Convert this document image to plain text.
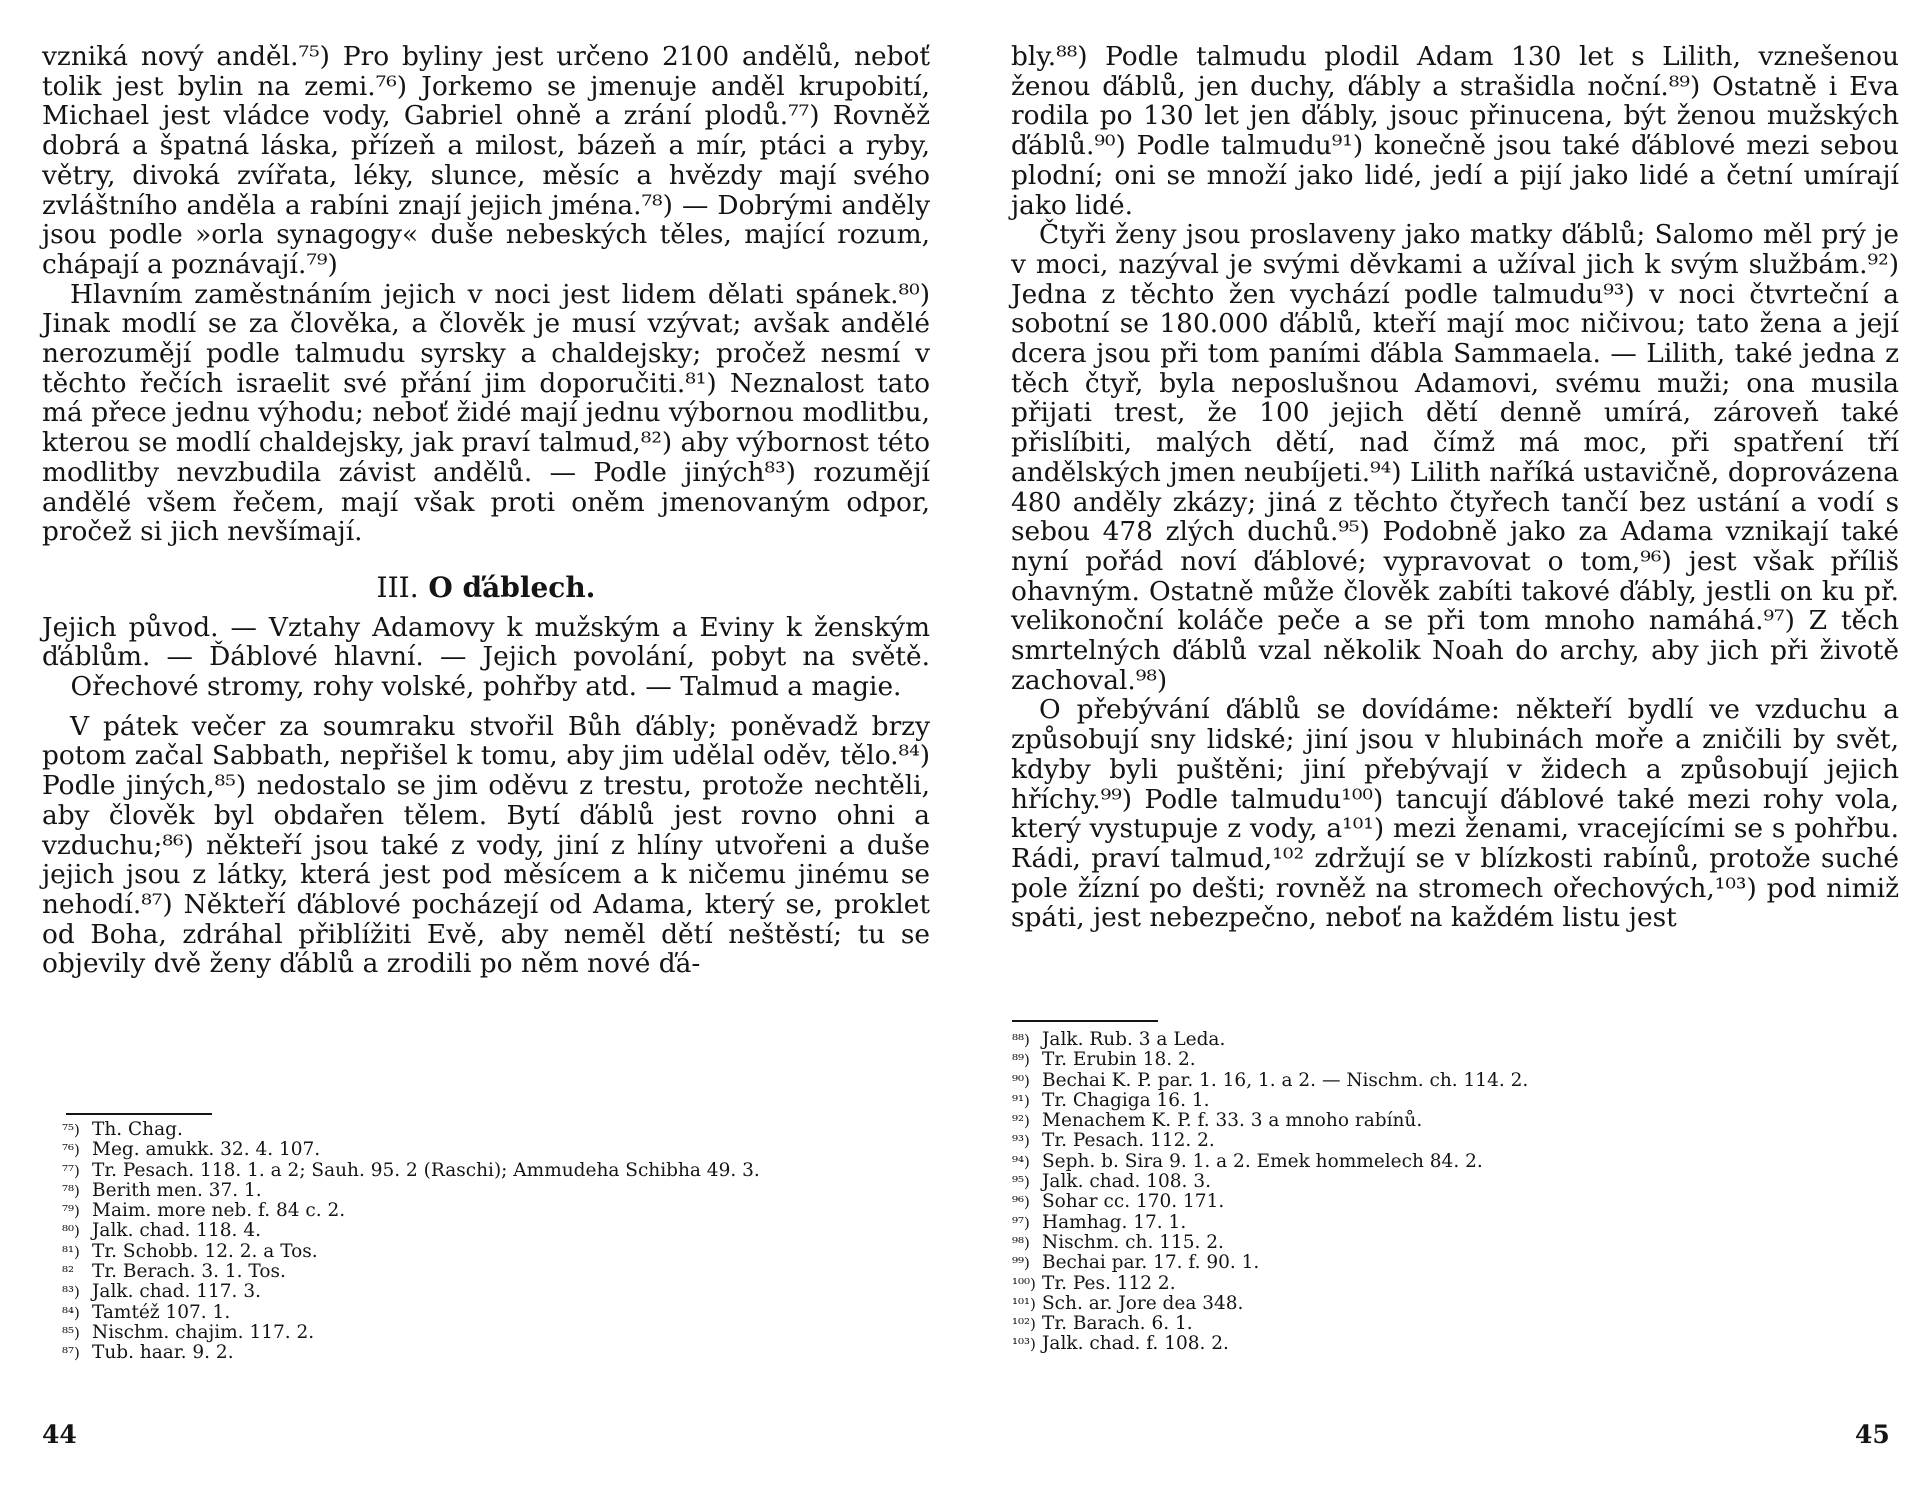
vzniká nový anděl.⁷⁵) Pro byliny jest určeno 2100 andělů, neboť tolik jest bylin na zemi.⁷⁶) Jorkemo se jmenuje anděl krupobití, Michael jest vládce vody, Gabriel ohně a zrání plodů.⁷⁷) Rovněž dobrá a špatná láska, přízeň a milost, bázeň a mír, ptáci a ryby, větry, divoká zvířata, léky, slunce, měsíc a hvězdy mají svého zvláštního anděla a rabíni znají jejich jména.⁷⁸) — Dobrými anděly jsou podle »orla synagogy« duše nebeských těles, mající rozum, chápají a poznávají.⁷⁹)

Hlavním zaměstnáním jejich v noci jest lidem dělati spánek.⁸⁰) Jinak modlí se za člověka, a člověk je musí vzývat; avšak andělé nerozumějí podle talmudu syrsky a chaldejsky; pročež nesmí v těchto řečích israelit své přání jim doporučiti.⁸¹) Neznalost tato má přece jednu výhodu; neboť židé mají jednu výbornou modlitbu, kterou se modlí chaldejsky, jak praví talmud,⁸²) aby výbornost této modlitby nevzbudila závist andělů. — Podle jiných⁸³) rozumějí andělé všem řečem, mají však proti oněm jmenovaným odpor, pročež si jich nevšímají.

III. O ďáblech.
Jejich původ. — Vztahy Adamovy k mužským a Eviny k ženským ďáblům. — Ďáblové hlavní. — Jejich povolání, pobyt na světě. Ořechové stromy, rohy volské, pohřby atd. — Talmud a magie.

V pátek večer za soumraku stvořil Bůh ďábly; poněvadž brzy potom začal Sabbath, nepřišel k tomu, aby jim udělal oděv, tělo.⁸⁴) Podle jiných,⁸⁵) nedostalo se jim oděvu z trestu, protože nechtěli, aby člověk byl obdařen tělem. Bytí ďáblů jest rovno ohni a vzduchu;⁸⁶) někteří jsou také z vody, jiní z hlíny utvořeni a duše jejich jsou z látky, která jest pod měsícem a k ničemu jinému se nehodí.⁸⁷) Někteří ďáblové pocházejí od Adama, který se, proklet od Boha, zdráhal přiblížiti Evě, aby neměl dětí neštěstí; tu se objevily dvě ženy ďáblů a zrodili po něm nové ďá-

⁷⁵) Th. Chag.
⁷⁶) Meg. amukk. 32. 4. 107.
⁷⁷) Tr. Pesach. 118. 1. a 2; Sauh. 95. 2 (Raschi); Ammudeha Schibha 49. 3.
⁷⁸) Berith men. 37. 1.
⁷⁹) Maim. more neb. f. 84 c. 2.
⁸⁰) Jalk. chad. 118. 4.
⁸¹) Tr. Schobb. 12. 2. a Tos.
⁸² Tr. Berach. 3. 1. Tos.
⁸³) Jalk. chad. 117. 3.
⁸⁴) Tamtéž 107. 1.
⁸⁵) Nischm. chajim. 117. 2.
⁸⁷) Tub. haar. 9. 2.
44

bly.⁸⁸) Podle talmudu plodil Adam 130 let s Lilith, vznešenou ženou ďáblů, jen duchy, ďábly a strašidla noční.⁸⁹) Ostatně i Eva rodila po 130 let jen ďábly, jsouc přinucena, být ženou mužských ďáblů.⁹⁰) Podle talmudu⁹¹) konečně jsou také ďáblové mezi sebou plodní; oni se množí jako lidé, jedí a pijí jako lidé a četní umírají jako lidé.

Čtyři ženy jsou proslaveny jako matky ďáblů; Salomo měl prý je v moci, nazýval je svými děvkami a užíval jich k svým službám.⁹²) Jedna z těchto žen vychází podle talmudu⁹³) v noci čtvrteční a sobotní se 180.000 ďáblů, kteří mají moc ničivou; tato žena a její dcera jsou při tom paními ďábla Sammaela. — Lilith, také jedna z těch čtyř, byla neposlušnou Adamovi, svému muži; ona musila přijati trest, že 100 jejich dětí denně umírá, zároveň také přislíbiti, malých dětí, nad čímž má moc, při spatření tří andělských jmen neubíjeti.⁹⁴) Lilith naříká ustavičně, doprovázena 480 anděly zkázy; jiná z těchto čtyřech tančí bez ustání a vodí s sebou 478 zlých duchů.⁹⁵) Podobně jako za Adama vznikají také nyní pořád noví ďáblové; vypravovat o tom,⁹⁶) jest však příliš ohavným. Ostatně může člověk zabíti takové ďábly, jestli on ku př. velikonoční koláče peče a se při tom mnoho namáhá.⁹⁷) Z těch smrtelných ďáblů vzal několik Noah do archy, aby jich při životě zachoval.⁹⁸)

O přebývání ďáblů se dovídáme: někteří bydlí ve vzduchu a způsobují sny lidské; jiní jsou v hlubinách moře a zničili by svět, kdyby byli puštěni; jiní přebývají v židech a způsobují jejich hříchy.⁹⁹) Podle talmudu¹⁰⁰) tancují ďáblové také mezi rohy vola, který vystupuje z vody, a¹⁰¹) mezi ženami, vracejícími se s pohřbu. Rádi, praví talmud,¹⁰² zdržují se v blízkosti rabínů, protože suché pole žízní po dešti; rovněž na stromech ořechových,¹⁰³) pod nimiž spáti, jest nebezpečno, neboť na každém listu jest

⁸⁸) Jalk. Rub. 3 a Leda.
⁸⁹) Tr. Erubin 18. 2.
⁹⁰) Bechai K. P. par. 1. 16, 1. a 2. — Nischm. ch. 114. 2.
⁹¹) Tr. Chagiga 16. 1.
⁹²) Menachem K. P. f. 33. 3 a mnoho rabínů.
⁹³) Tr. Pesach. 112. 2.
⁹⁴) Seph. b. Sira 9. 1. a 2. Emek hommelech 84. 2.
⁹⁵) Jalk. chad. 108. 3.
⁹⁶) Sohar cc. 170. 171.
⁹⁷) Hamhag. 17. 1.
⁹⁸) Nischm. ch. 115. 2.
⁹⁹) Bechai par. 17. f. 90. 1.
¹⁰⁰) Tr. Pes. 112 2.
¹⁰¹) Sch. ar. Jore dea 348.
¹⁰²) Tr. Barach. 6. 1.
¹⁰³) Jalk. chad. f. 108. 2.
45
